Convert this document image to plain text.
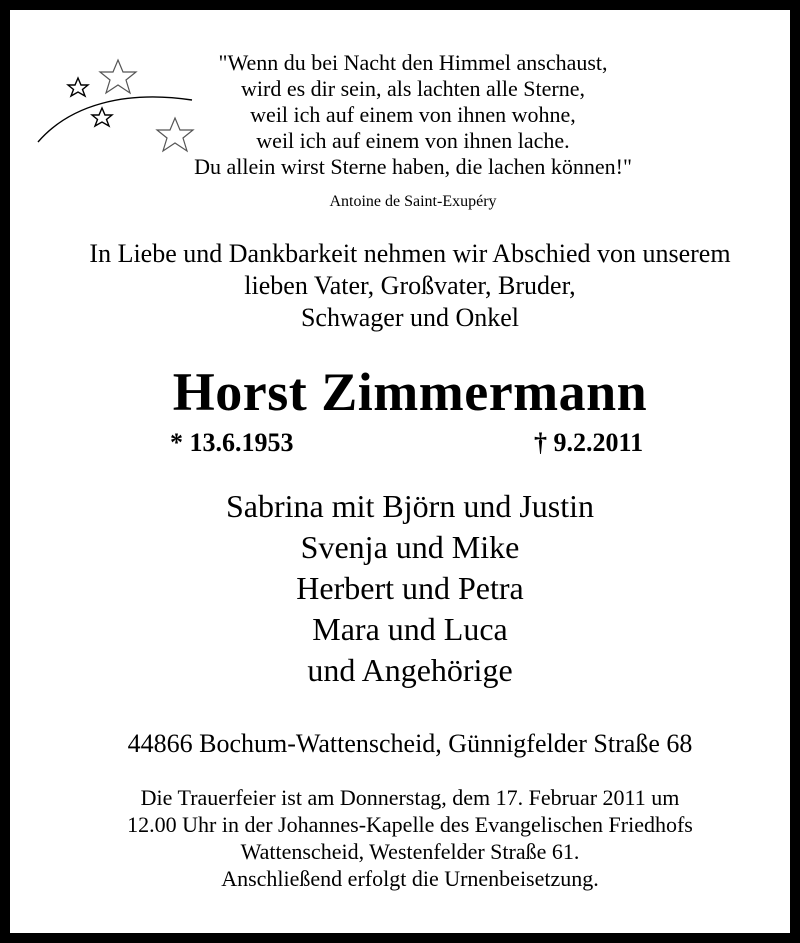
"Wenn du bei Nacht den Himmel anschaust,
wird es dir sein, als lachten alle Sterne,
weil ich auf einem von ihnen wohne,
weil ich auf einem von ihnen lache.
Du allein wirst Sterne haben, die lachen können!"
Antoine de Saint-Exupéry
In Liebe und Dankbarkeit nehmen wir Abschied von unserem
lieben Vater, Großvater, Bruder,
Schwager und Onkel
Horst Zimmermann
* 13.6.1953	† 9.2.2011
Sabrina mit Björn und Justin
Svenja und Mike
Herbert und Petra
Mara und Luca
und Angehörige
44866 Bochum-Wattenscheid, Günnigfelder Straße 68
Die Trauerfeier ist am Donnerstag, dem 17. Februar 2011 um
12.00 Uhr in der Johannes-Kapelle des Evangelischen Friedhofs
Wattenscheid, Westenfelder Straße 61.
Anschließend erfolgt die Urnenbeisetzung.
